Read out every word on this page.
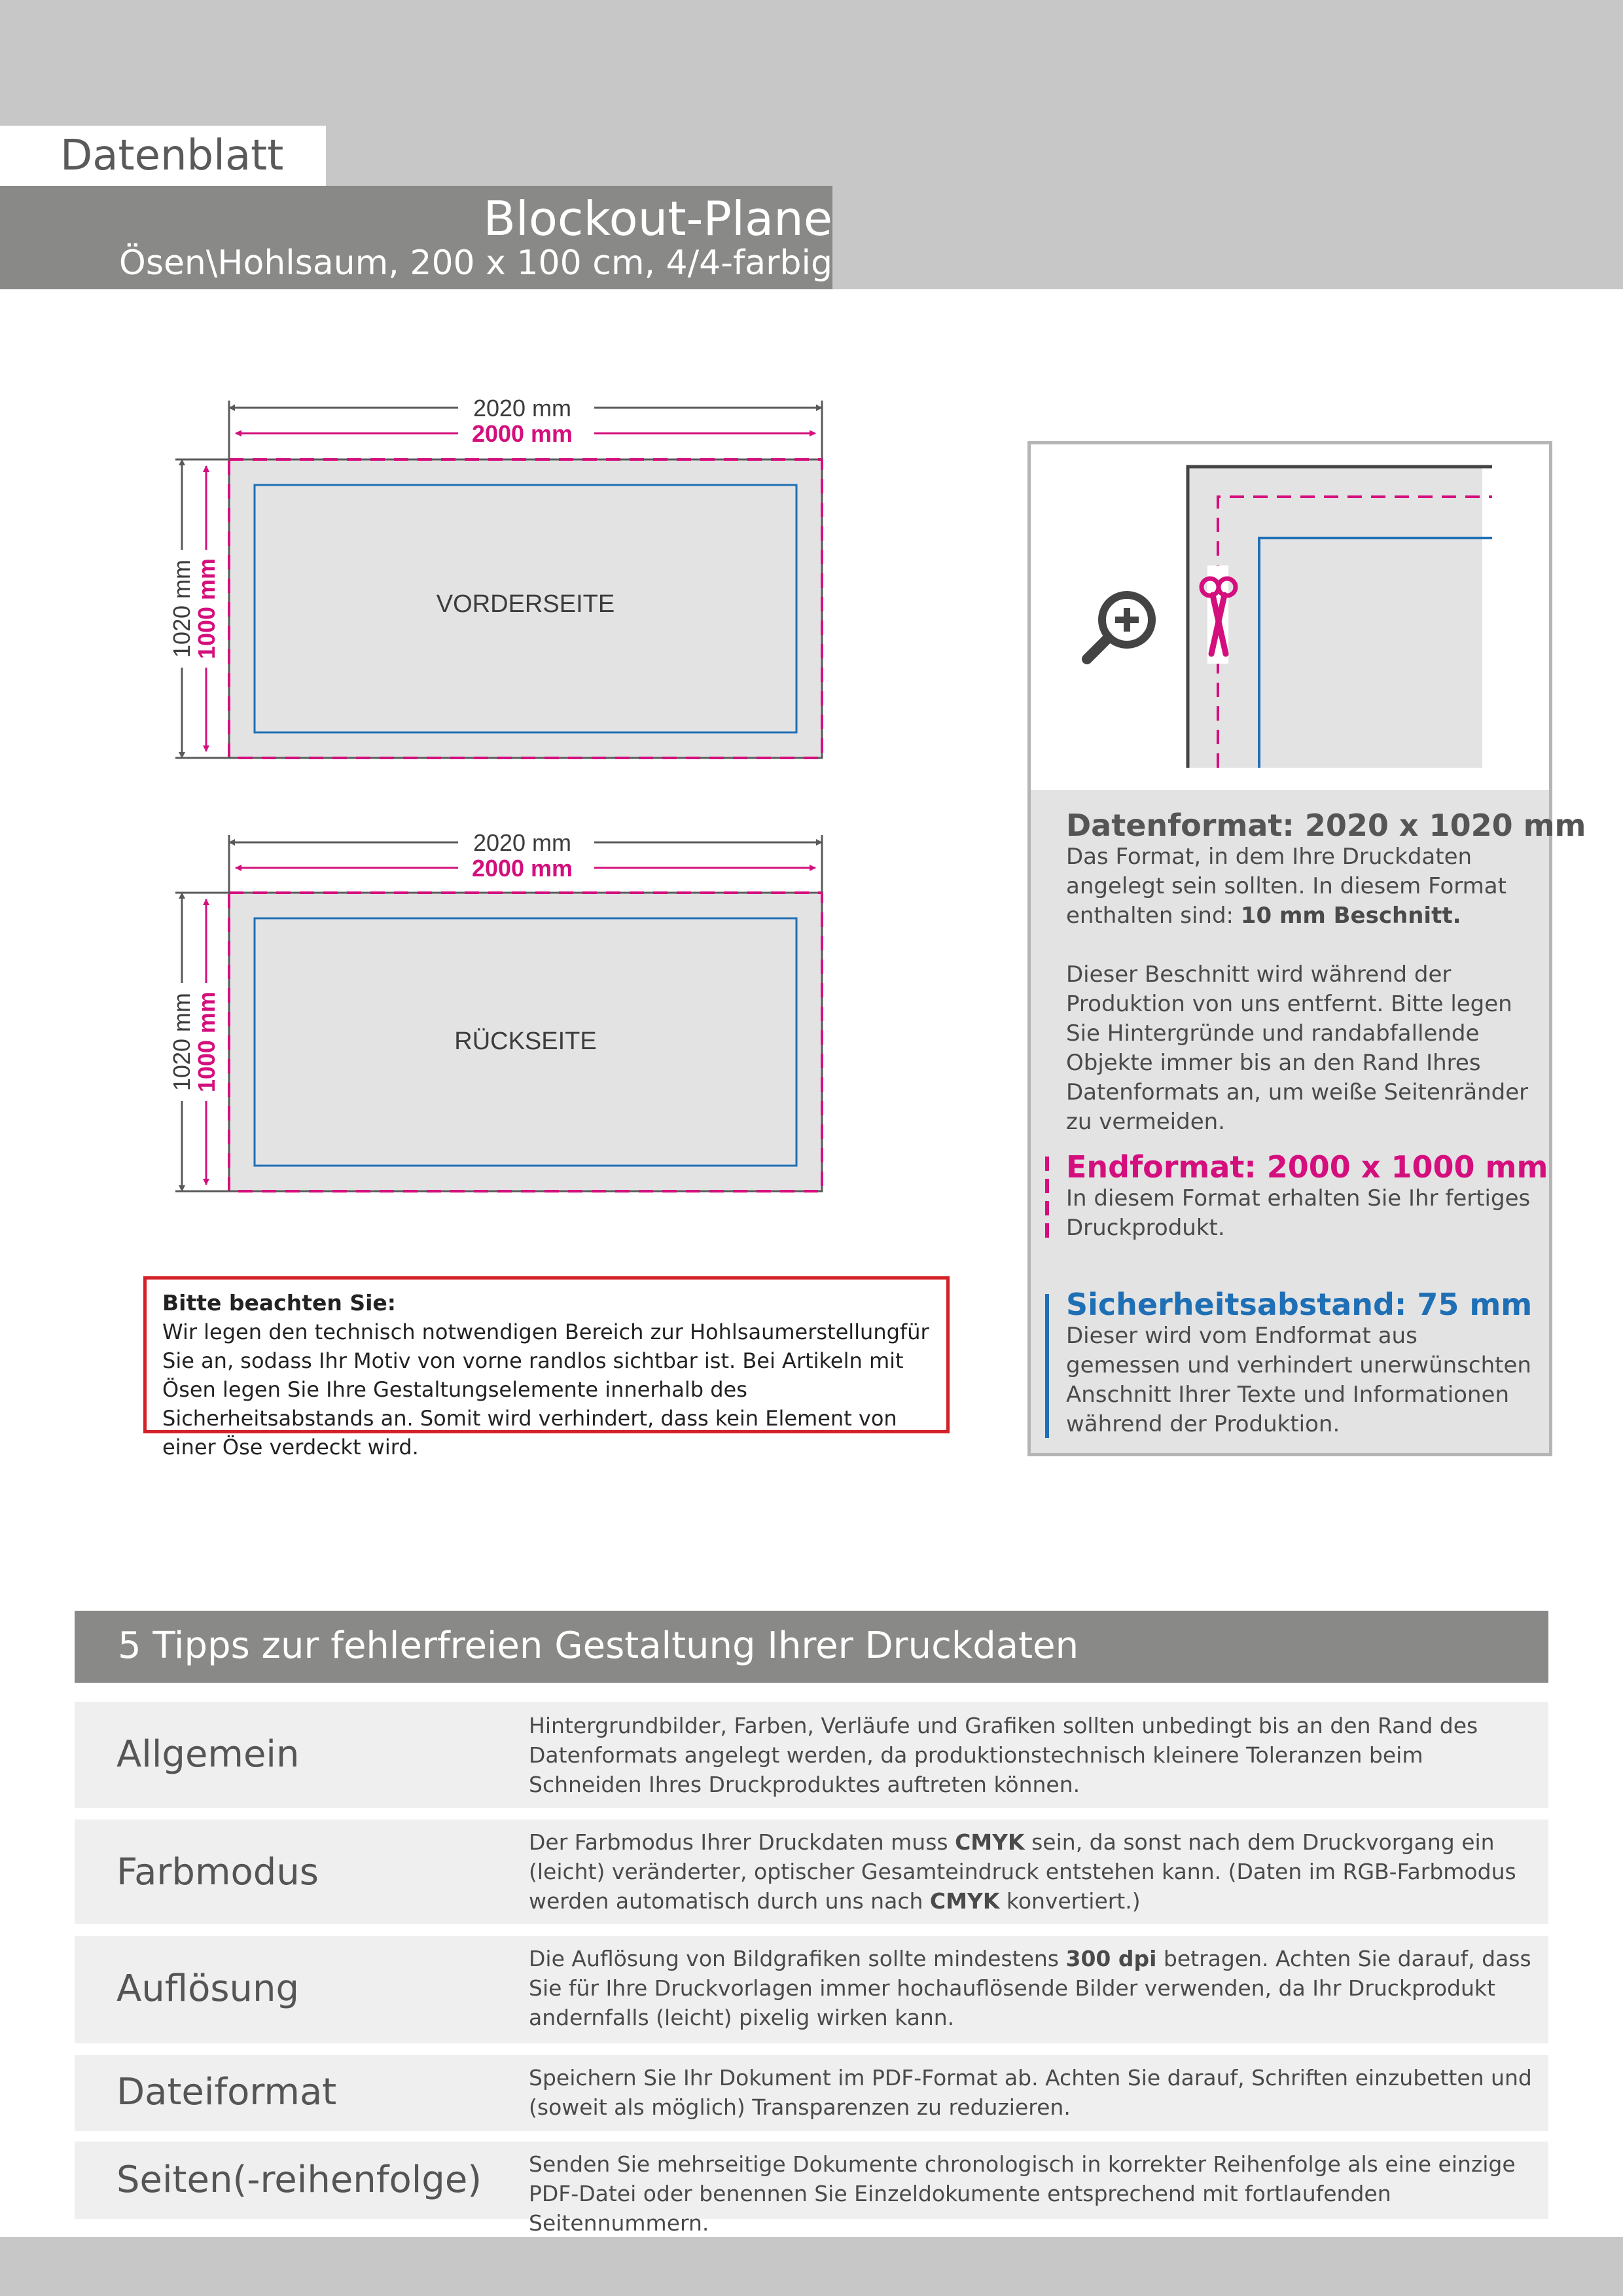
Datenblatt
Blockout-Plane
Ösen\Hohlsaum, 200 x 100 cm, 4/4-farbig
VORDERSEITE
2020 mm
2000 mm
1020 mm
1000 mm
RÜCKSEITE
2020 mm
2000 mm
1020 mm
1000 mm
Datenformat: 2020 x 1020 mm
Das Format, in dem Ihre Druckdaten angelegt sein sollten. In diesem Format enthalten sind: 10 mm Beschnitt.
Dieser Beschnitt wird während der Produktion von uns entfernt. Bitte legen Sie Hintergründe und randabfallende Objekte immer bis an den Rand Ihres Datenformats an, um weiße Seitenränder zu vermeiden.
Endformat: 2000 x 1000 mm
In diesem Format erhalten Sie Ihr fertiges Druckprodukt.
Sicherheitsabstand: 75 mm
Dieser wird vom Endformat aus gemessen und verhindert unerwünschten Anschnitt Ihrer Texte und Informationen während der Produktion.
Bitte beachten Sie:
Wir legen den technisch notwendigen Bereich zur Hohlsaumerstellungfür Sie an, sodass Ihr Motiv von vorne randlos sichtbar ist. Bei Artikeln mit Ösen legen Sie Ihre Gestaltungselemente innerhalb des Sicherheitsabstands an. Somit wird verhindert, dass kein Element von einer Öse verdeckt wird.
5 Tipps zur fehlerfreien Gestaltung Ihrer Druckdaten
Allgemein
Hintergrundbilder, Farben, Verläufe und Grafiken sollten unbedingt bis an den Rand des Datenformats angelegt werden, da produktionstechnisch kleinere Toleranzen beim Schneiden Ihres Druckproduktes auftreten können.
Farbmodus
Der Farbmodus Ihrer Druckdaten muss CMYK sein, da sonst nach dem Druckvorgang ein (leicht) veränderter, optischer Gesamteindruck entstehen kann. (Daten im RGB-Farbmodus werden automatisch durch uns nach CMYK konvertiert.)
Auflösung
Die Auflösung von Bildgrafiken sollte mindestens 300 dpi betragen. Achten Sie darauf, dass Sie für Ihre Druckvorlagen immer hochauflösende Bilder verwenden, da Ihr Druckprodukt andernfalls (leicht) pixelig wirken kann.
Dateiformat	Speichern Sie Ihr Dokument im PDF-Format ab. Achten Sie darauf, Schriften einzubetten und (soweit als möglich) Transparenzen zu reduzieren.
Seiten(-reihenfolge) Senden Sie mehrseitige Dokumente chronologisch in korrekter Reihenfolge als eine einzige PDF-Datei oder benennen Sie Einzeldokumente entsprechend mit fortlaufenden Seitennummern.
